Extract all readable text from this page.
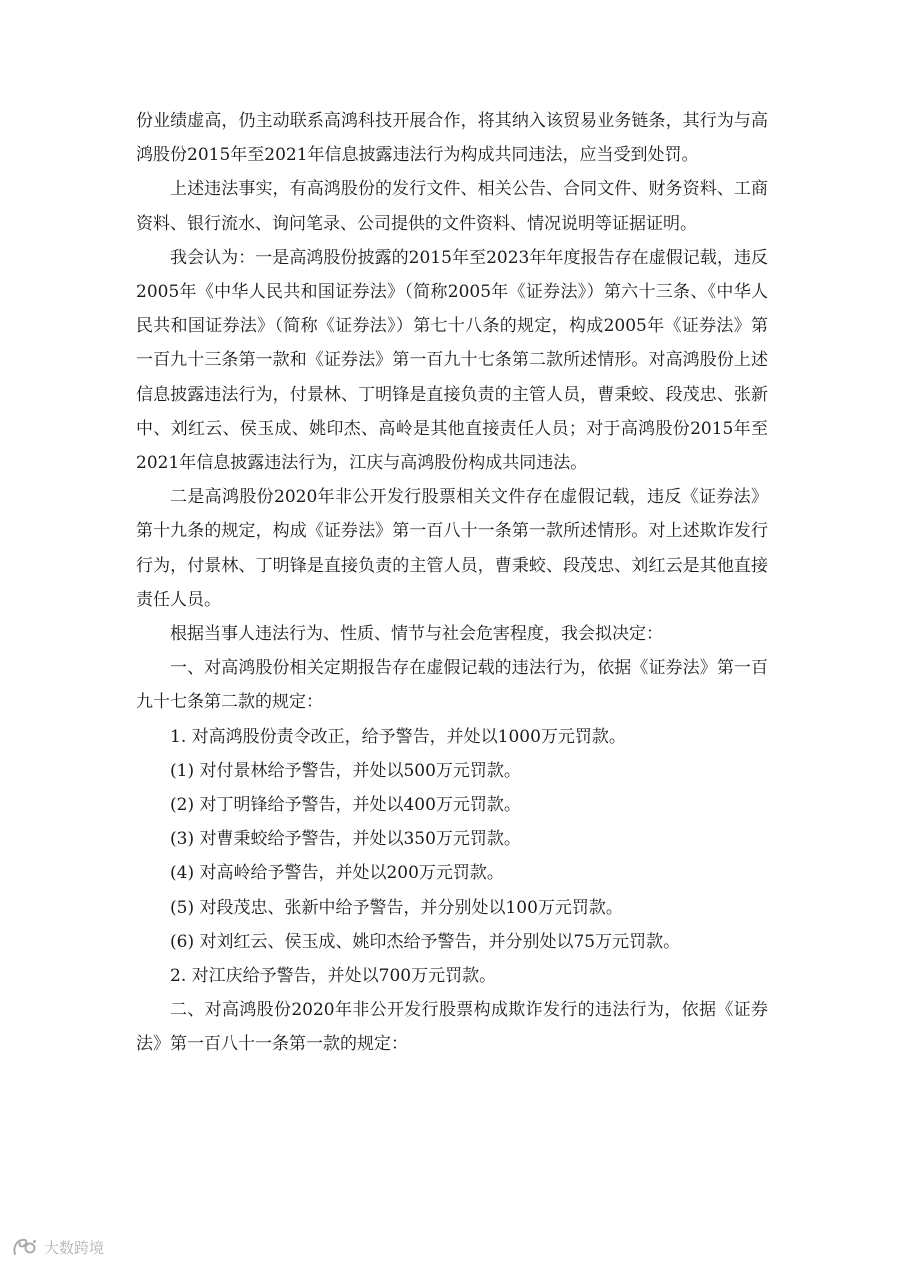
份业绩虚高，仍主动联系高鸿科技开展合作，将其纳入该贸易业务链条，其行为与高鸿股份2015年至2021年信息披露违法行为构成共同违法，应当受到处罚。

上述违法事实，有高鸿股份的发行文件、相关公告、合同文件、财务资料、工商资料、银行流水、询问笔录、公司提供的文件资料、情况说明等证据证明。

我会认为：一是高鸿股份披露的2015年至2023年年度报告存在虚假记载，违反2005年《中华人民共和国证券法》（简称2005年《证券法》）第六十三条、《中华人民共和国证券法》（简称《证券法》）第七十八条的规定，构成2005年《证券法》第一百九十三条第一款和《证券法》第一百九十七条第二款所述情形。对高鸿股份上述信息披露违法行为，付景林、丁明锋是直接负责的主管人员，曹秉蛟、段茂忠、张新中、刘红云、侯玉成、姚印杰、高岭是其他直接责任人员；对于高鸿股份2015年至2021年信息披露违法行为，江庆与高鸿股份构成共同违法。

二是高鸿股份2020年非公开发行股票相关文件存在虚假记载，违反《证券法》第十九条的规定，构成《证券法》第一百八十一条第一款所述情形。对上述欺诈发行行为，付景林、丁明锋是直接负责的主管人员，曹秉蛟、段茂忠、刘红云是其他直接责任人员。

根据当事人违法行为、性质、情节与社会危害程度，我会拟决定：

一、对高鸿股份相关定期报告存在虚假记载的违法行为，依据《证券法》第一百九十七条第二款的规定：

1. 对高鸿股份责令改正，给予警告，并处以1000万元罚款。

(1) 对付景林给予警告，并处以500万元罚款。

(2) 对丁明锋给予警告，并处以400万元罚款。

(3) 对曹秉蛟给予警告，并处以350万元罚款。

(4) 对高岭给予警告，并处以200万元罚款。

(5) 对段茂忠、张新中给予警告，并分别处以100万元罚款。

(6) 对刘红云、侯玉成、姚印杰给予警告，并分别处以75万元罚款。

2. 对江庆给予警告，并处以700万元罚款。

二、对高鸿股份2020年非公开发行股票构成欺诈发行的违法行为，依据《证券法》第一百八十一条第一款的规定：

大数跨境
